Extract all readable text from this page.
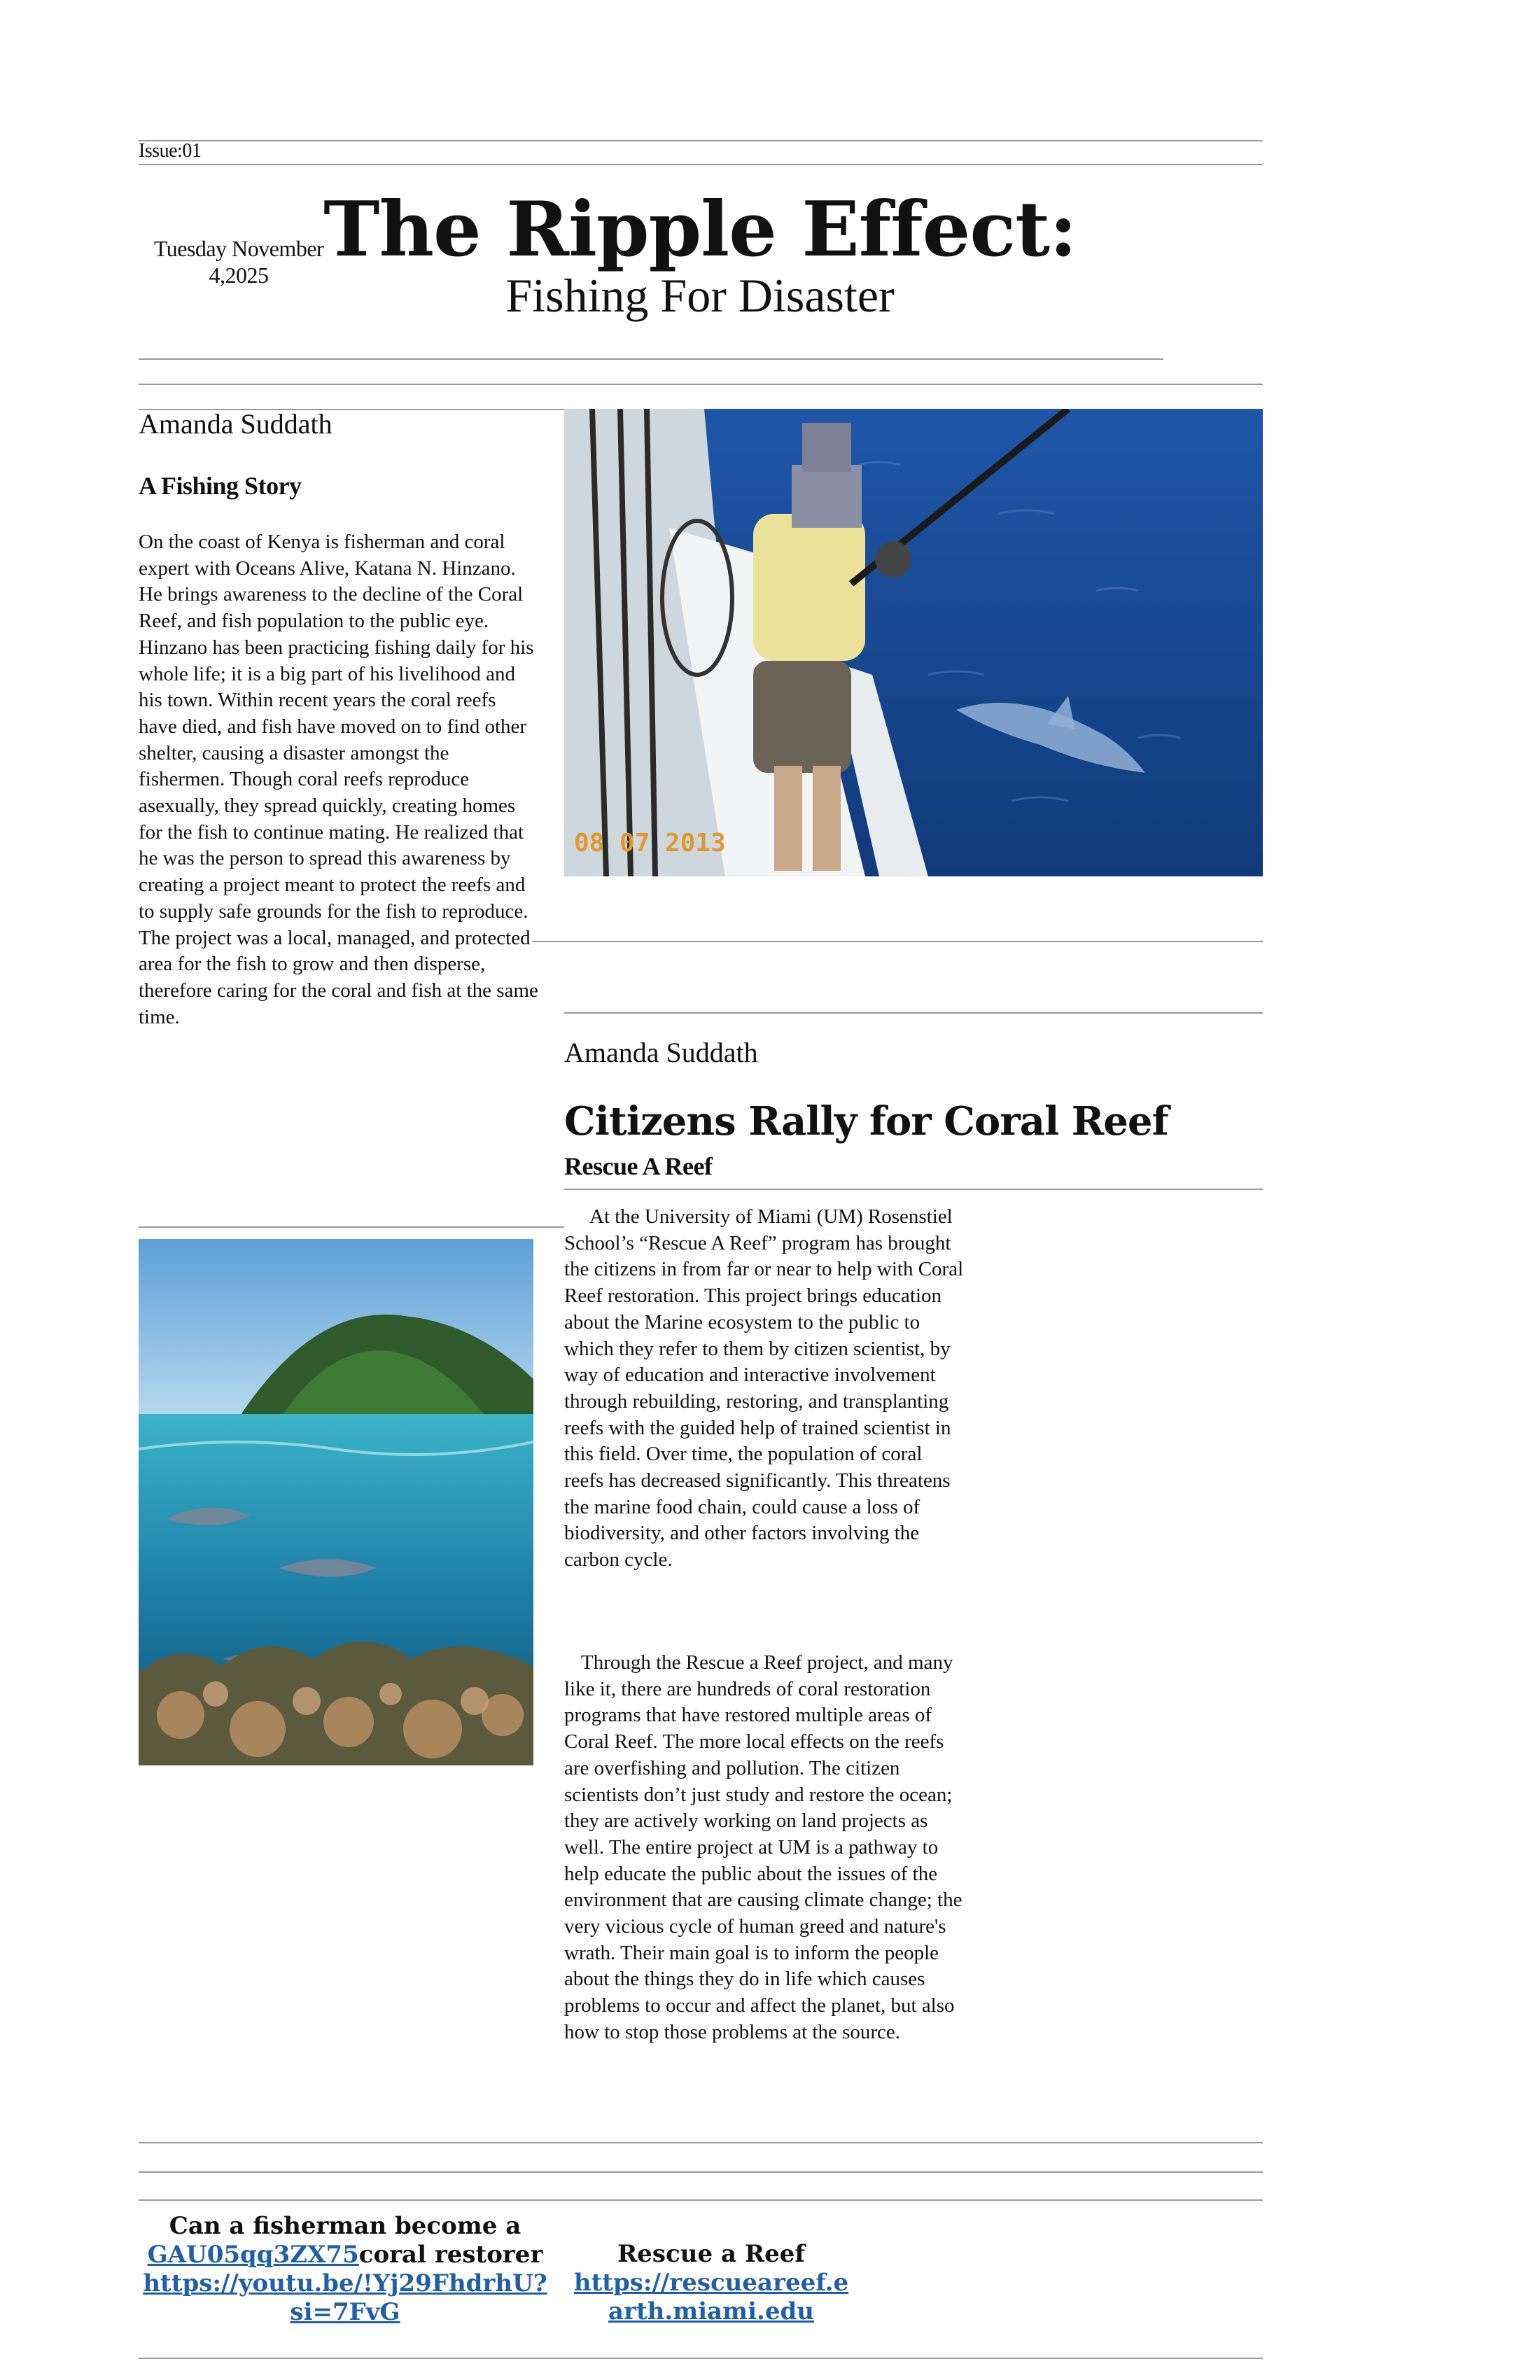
Issue:01
Tuesday November 4,2025
The Ripple Effect:
Fishing For Disaster
Amanda Suddath
A Fishing Story
On the coast of Kenya is fisherman and coral expert with Oceans Alive, Katana N. Hinzano. He brings awareness to the decline of the Coral Reef, and fish population to the public eye. Hinzano has been practicing fishing daily for his whole life; it is a big part of his livelihood and his town. Within recent years the coral reefs have died, and fish have moved on to find other shelter, causing a disaster amongst the fishermen. Though coral reefs reproduce asexually, they spread quickly, creating homes for the fish to continue mating. He realized that he was the person to spread this awareness by creating a project meant to protect the reefs and to supply safe grounds for the fish to reproduce. The project was a local, managed, and protected area for the fish to grow and then disperse, therefore caring for the coral and fish at the same time.
08 07 2013
Amanda Suddath
Citizens Rally for Coral Reef
Rescue A Reef
At the University of Miami (UM) Rosenstiel School’s “Rescue A Reef” program has brought the citizens in from far or near to help with Coral Reef restoration. This project brings education about the Marine ecosystem to the public to which they refer to them by citizen scientist, by way of education and interactive involvement through rebuilding, restoring, and transplanting reefs with the guided help of trained scientist in this field. Over time, the population of coral reefs has decreased significantly. This threatens the marine food chain, could cause a loss of biodiversity, and other factors involving the carbon cycle.
Through the Rescue a Reef project, and many like it, there are hundreds of coral restoration programs that have restored multiple areas of Coral Reef. The more local effects on the reefs are overfishing and pollution. The citizen scientists don’t just study and restore the ocean; they are actively working on land projects as well. The entire project at UM is a pathway to help educate the public about the issues of the environment that are causing climate change; the very vicious cycle of human greed and nature's wrath. Their main goal is to inform the people about the things they do in life which causes problems to occur and affect the planet, but also how to stop those problems at the source.
Can a fisherman become a
GAU05qq3ZX75coral restorer
https://youtu.be/!Yj29FhdrhU?si=7FvG
Rescue a Reef
https://rescueareef.earth.miami.edu
